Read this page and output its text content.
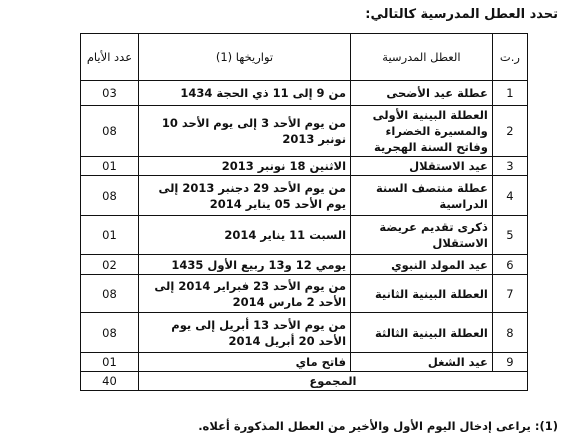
تحدد العطل المدرسية كالتالي:
ر.ت	العطل المدرسية	تواريخها (1)	عدد الأيام
1	عطلة عيد الأضحى	من 9 إلى 11 ذي الحجة 1434	03
2	العطلة البينية الأولى والمسيرة الخضراء وفاتح السنة الهجرية	من يوم الأحد 3 إلى يوم الأحد 10 نونبر 2013	08
3	عيد الاستقلال	الاثنين 18 نونبر 2013	01
4	عطلة منتصف السنة الدراسية	من يوم الأحد 29 دجنبر 2013 إلى يوم الأحد 05 يناير 2014	08
5	ذكرى تقديم عريضة الاستقلال	السبت 11 يناير 2014	01
6	عيد المولد النبوي	يومي 12 و13 ربيع الأول 1435	02
7	العطلة البينية الثانية	من يوم الأحد 23 فبراير 2014 إلى الأحد 2 مارس 2014	08
8	العطلة البينية الثالثة	من يوم الأحد 13 أبريل إلى يوم الأحد 20 أبريل 2014	08
9	عيد الشغل	فاتح ماي	01
المجموع			40
(1): يراعى إدخال اليوم الأول والأخير من العطل المذكورة أعلاه.
